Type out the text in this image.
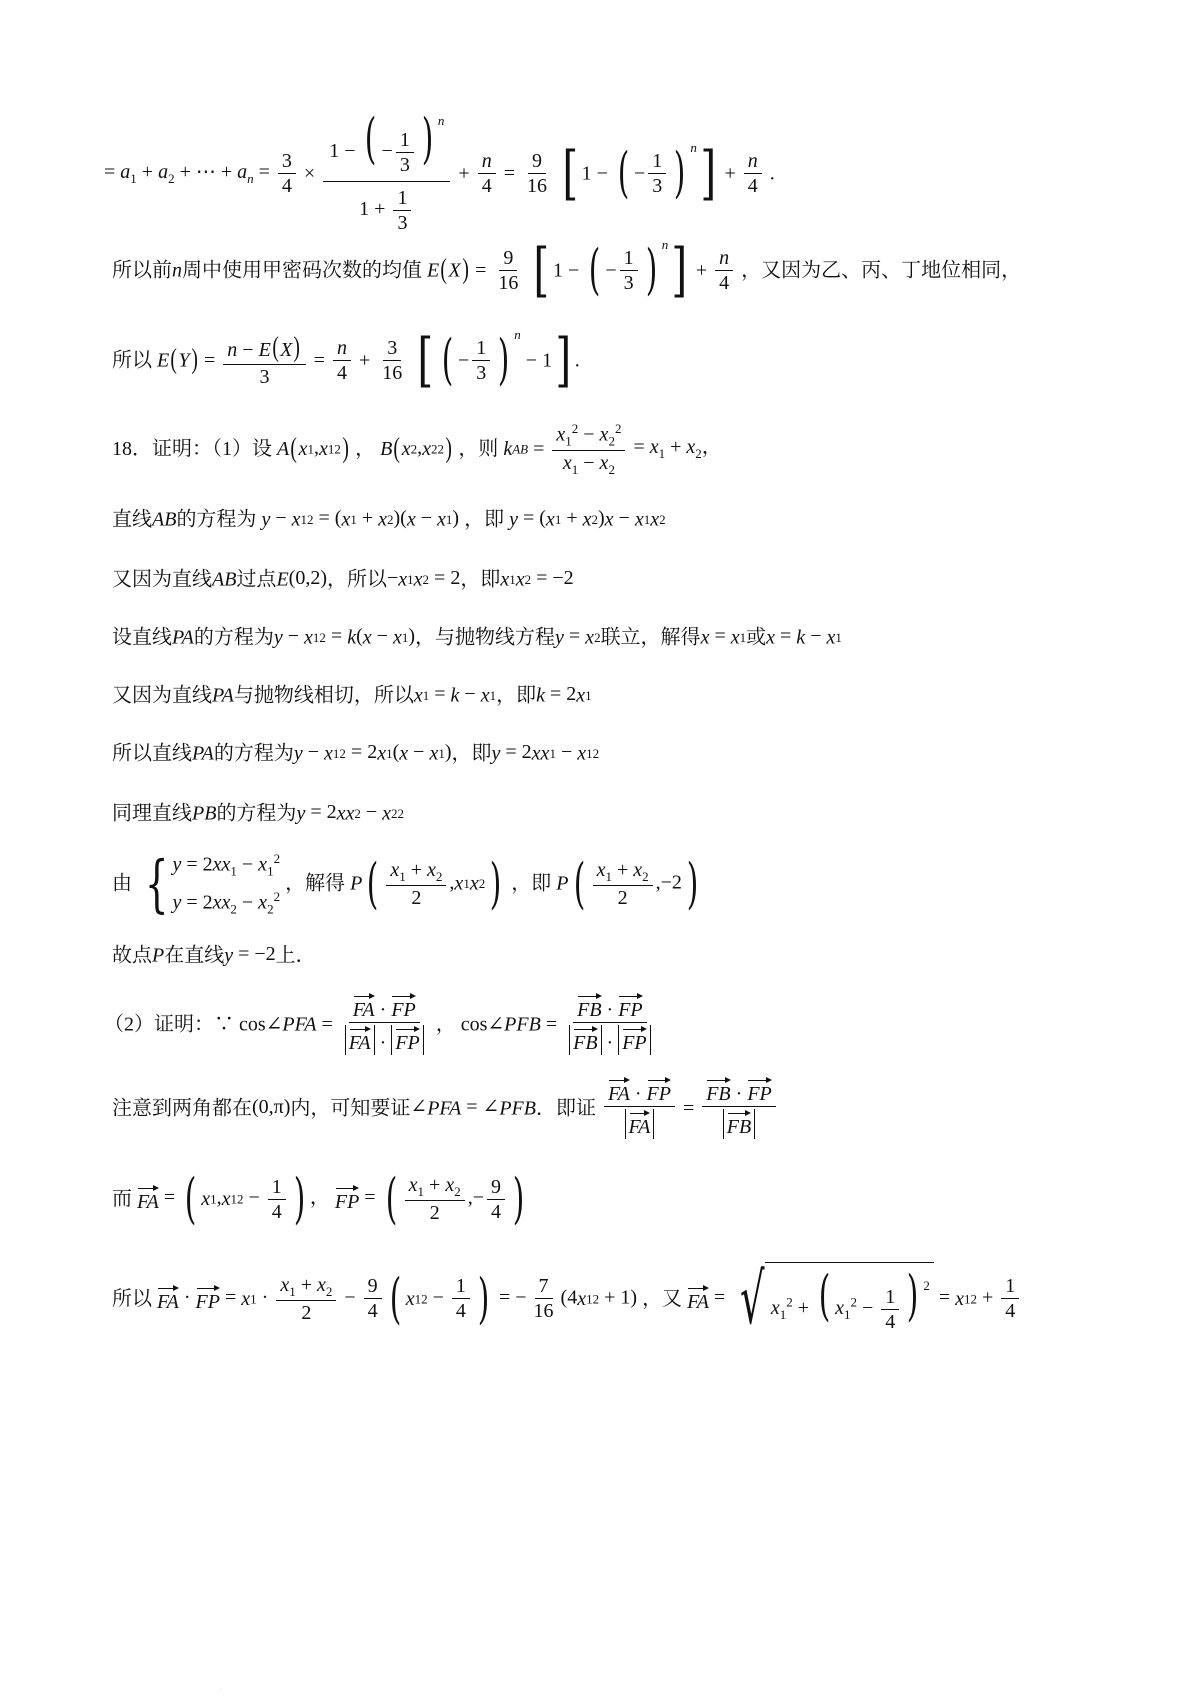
= $a_1 + a_2$ + ⋯ + $a_n = \frac{3}{4} \times \frac{1 - ( - \frac{1}{3} ) ^n}{1 + \frac{1}{3}} + \frac{n}{4} = \frac{9}{16}$ [ 1 − ( − $\frac{1}{3}$ ) $^n] + \frac{n}{4}$ .
所以前n周中使用甲密码次数的均值 $E(X) = \frac{9}{16}$ [ 1 − ( − $\frac{1}{3}$ ) $^n] + \frac{n}{4}$ ，又因为乙、丙、丁地位相同，
所以 $E(Y) = \frac{n - E(X)}{3} = \frac{n}{4} + \frac{3}{16}$ [ ( − $\frac{1}{3}$ ) $^n$ − 1] .
18．证明：（1）设 A(x1,x12) ， B(x2,x22) ，则 kAB = $\frac{x_1^2 - x_2^2}{x_1 - x_2} = x_1 + x_2$，
直线AB的方程为 y − x12 = (x1 + x2)(x − x1) ，即 y = (x1 + x2)x − x1x2
又因为直线AB过点E(0,2)，所以−x1x2 = 2，即x1x2 = −2
设直线PA的方程为y − x12 = k(x − x1)，与抛物线方程y = x2联立，解得x = x1或x = k − x1
又因为直线PA与抛物线相切，所以x1 = k − x1，即k = 2x1
所以直线PA的方程为y − x12 = 2x1(x − x1)，即y = 2xx1 − x12
同理直线PB的方程为y = 2xx2 − x22
由 { $y = 2xx_1 - x_1^2$
$y = 2xx_2 - x_2^2$
，解得 $P( \frac{x_1 + x_2}{2} ,x1x2)$ ，即 $P( \frac{x_1 + x_2}{2} ,-2)$
故点P在直线y = −2上．
（2）证明：∵ cos∠PFA = $\frac{FA \cdot FP}{FA \cdot FP}$ ， cos∠PFB = $\frac{FB \cdot FP}{FB \cdot FP}$
注意到两角都在(0,π)内，可知要证∠PFA = ∠PFB．即证 $\frac{FA \cdot FP}{FA} = \frac{FB \cdot FP}{FB}$
而 FA = ( $x1,x12 - \frac{1}{4}$ ) ， FP = ( $\frac{x_1 + x_2}{2}$ ,− $\frac{9}{4}$ )
所以 FA · FP = $x1 \cdot \frac{x_1 + x_2}{2} - \frac{9}{4}$ ( $x12 - \frac{1}{4}$ ) = − $\frac{7}{16} (4x12 + 1)$ ，又 FA = √ $x_1^2$ + ( $x_1^2 - \frac{1}{4}$ ) $^2$
= $x12 + \frac{1}{4}$
.
